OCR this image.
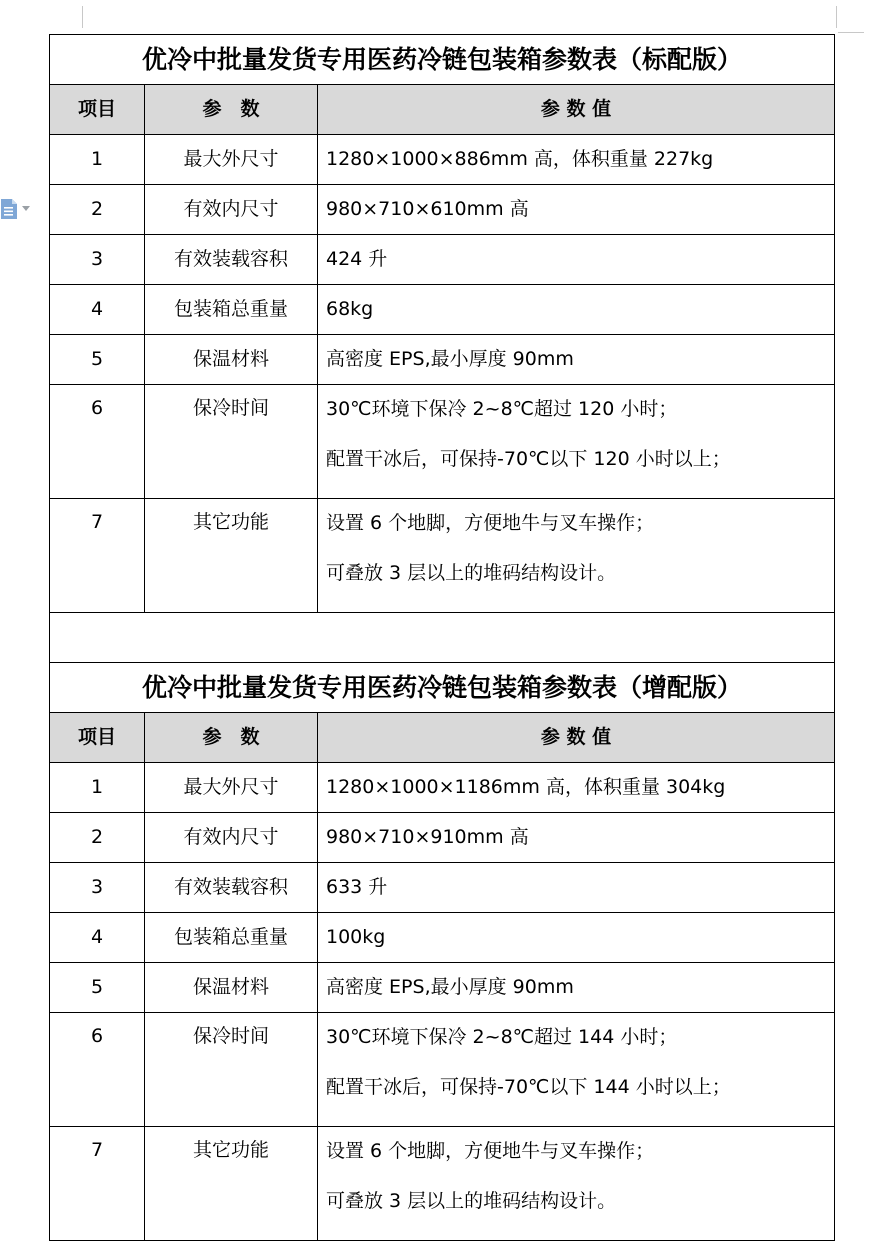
优冷中批量发货专用医药冷链包装箱参数表（标配版）		
项目	参　数	参 数 值
1	最大外尺寸	1280×1000×886mm 高，体积重量 227kg
2	有效内尺寸	980×710×610mm 高
3	有效装载容积	424 升
4	包装箱总重量	68kg
5	保温材料	高密度 EPS,最小厚度 90mm
6	保冷时间	30℃环境下保冷 2~8℃超过 120 小时；
配置干冰后，可保持-70℃以下 120 小时以上；

7	其它功能	设置 6 个地脚，方便地牛与叉车操作；
可叠放 3 层以上的堆码结构设计。

优冷中批量发货专用医药冷链包装箱参数表（增配版）		
项目	参　数	参 数 值
1	最大外尺寸	1280×1000×1186mm 高，体积重量 304kg
2	有效内尺寸	980×710×910mm 高
3	有效装载容积	633 升
4	包装箱总重量	100kg
5	保温材料	高密度 EPS,最小厚度 90mm
6	保冷时间	30℃环境下保冷 2~8℃超过 144 小时；
配置干冰后，可保持-70℃以下 144 小时以上；

7	其它功能	设置 6 个地脚，方便地牛与叉车操作；
可叠放 3 层以上的堆码结构设计。
